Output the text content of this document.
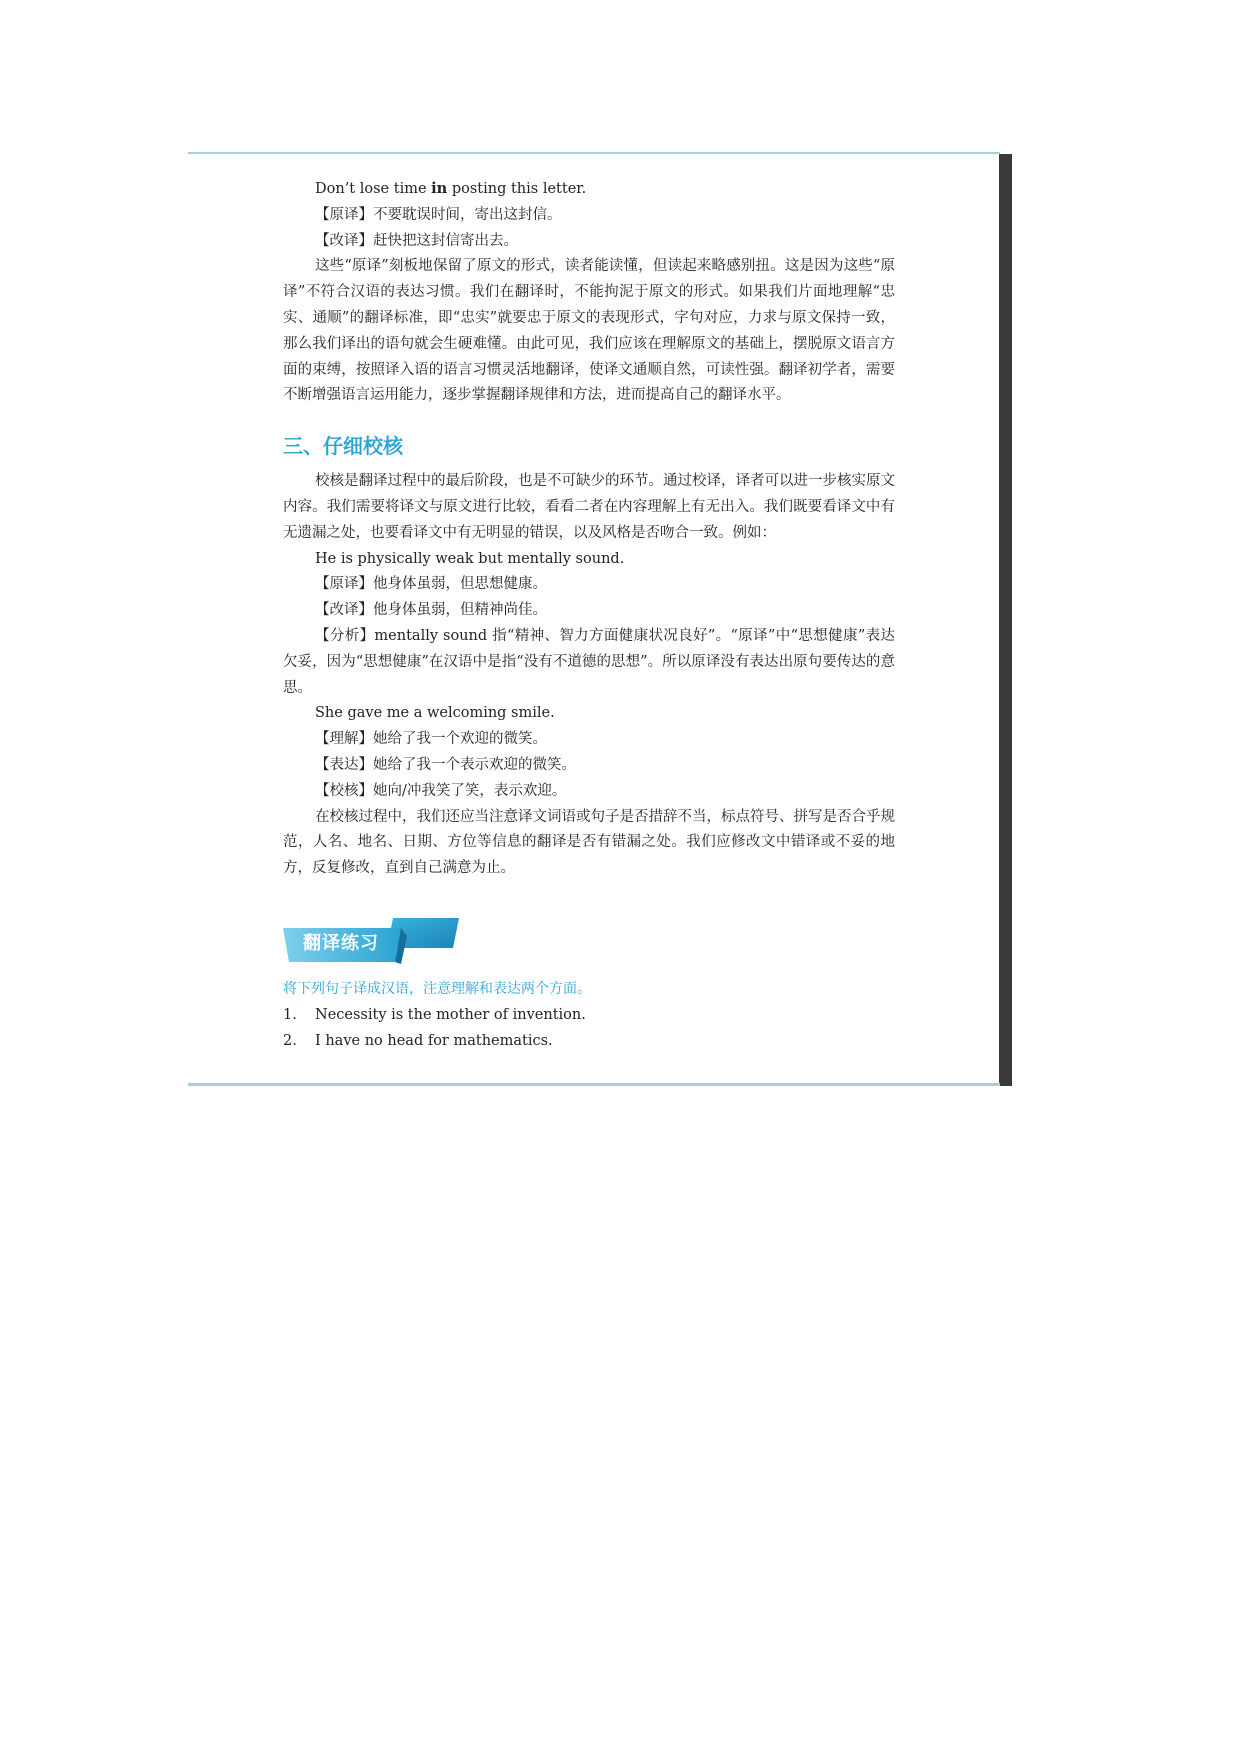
Don’t lose time in posting this letter.
【原译】不要耽误时间，寄出这封信。
【改译】赶快把这封信寄出去。

这些“原译”刻板地保留了原文的形式，读者能读懂，但读起来略感别扭。这是因为这些“原译”不符合汉语的表达习惯。我们在翻译时，不能拘泥于原文的形式。如果我们片面地理解“忠实、通顺”的翻译标准，即“忠实”就要忠于原文的表现形式，字句对应，力求与原文保持一致，那么我们译出的语句就会生硬难懂。由此可见，我们应该在理解原文的基础上，摆脱原文语言方面的束缚，按照译入语的语言习惯灵活地翻译，使译文通顺自然，可读性强。翻译初学者，需要不断增强语言运用能力，逐步掌握翻译规律和方法，进而提高自己的翻译水平。

三、仔细校核

校核是翻译过程中的最后阶段，也是不可缺少的环节。通过校译，译者可以进一步核实原文内容。我们需要将译文与原文进行比较，看看二者在内容理解上有无出入。我们既要看译文中有无遗漏之处，也要看译文中有无明显的错误，以及风格是否吻合一致。例如：

He is physically weak but mentally sound.
【原译】他身体虽弱，但思想健康。
【改译】他身体虽弱，但精神尚佳。

【分析】mentally sound 指“精神、智力方面健康状况良好”。“原译”中“思想健康”表达欠妥，因为“思想健康”在汉语中是指“没有不道德的思想”。所以原译没有表达出原句要传达的意思。

She gave me a welcoming smile.
【理解】她给了我一个欢迎的微笑。
【表达】她给了我一个表示欢迎的微笑。
【校核】她向/冲我笑了笑，表示欢迎。

在校核过程中，我们还应当注意译文词语或句子是否措辞不当，标点符号、拼写是否合乎规范，人名、地名、日期、方位等信息的翻译是否有错漏之处。我们应修改文中错译或不妥的地方，反复修改，直到自己满意为止。

翻译练习
将下列句子译成汉语，注意理解和表达两个方面。
1.	Necessity is the mother of invention.
2.	I have no head for mathematics.
